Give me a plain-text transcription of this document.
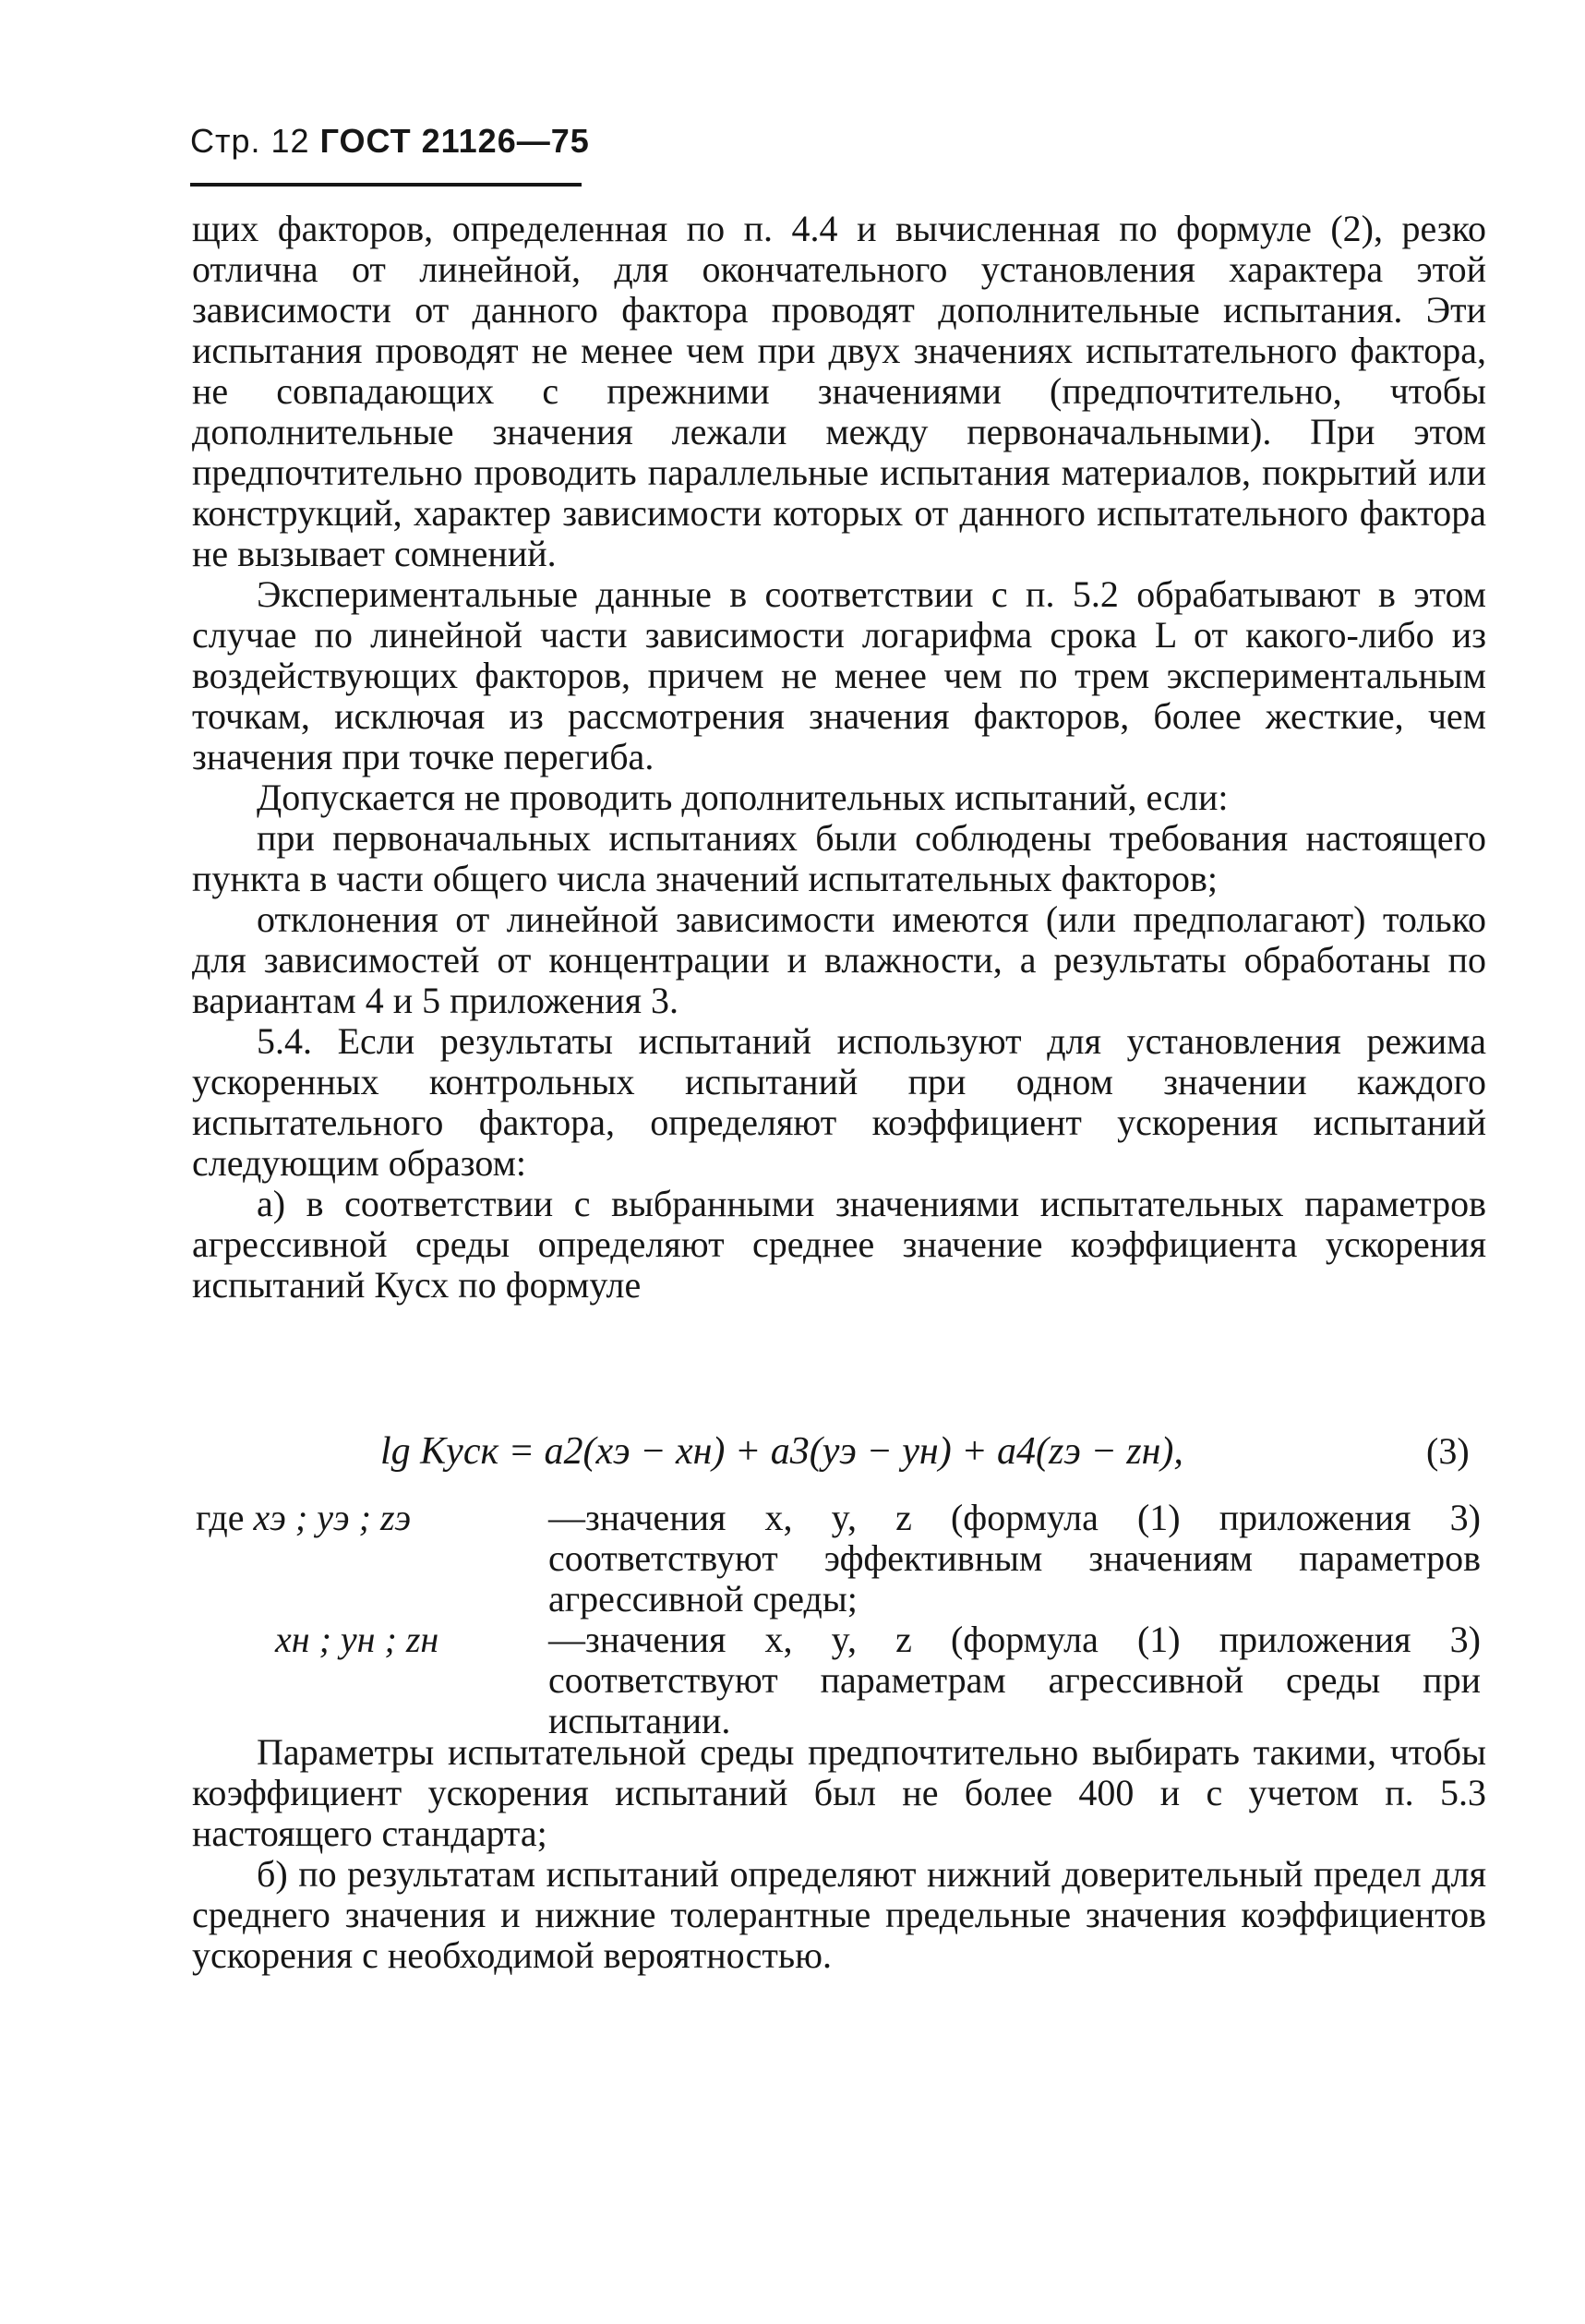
Стр. 12 ГОСТ 21126—75

щих факторов, определенная по п. 4.4 и вычисленная по формуле (2), резко отлична от линейной, для окончательного установления характера этой зависимости от данного фактора проводят дополнительные испытания. Эти испытания проводят не менее чем при двух значениях испытательного фактора, не совпадающих с прежними значениями (предпочтительно, чтобы дополнительные значения лежали между первоначальными). При этом предпочтительно проводить параллельные испытания материалов, покрытий или конструкций, характер зависимости которых от данного испытательного фактора не вызывает сомнений.

Экспериментальные данные в соответствии с п. 5.2 обрабатывают в этом случае по линейной части зависимости логарифма срока L от какого-либо из воздействующих факторов, причем не менее чем по трем экспериментальным точкам, исключая из рассмотрения значения факторов, более жесткие, чем значения при точке перегиба.

Допускается не проводить дополнительных испытаний, если:

при первоначальных испытаниях были соблюдены требования настоящего пункта в части общего числа значений испытательных факторов;

отклонения от линейной зависимости имеются (или предполагают) только для зависимостей от концентрации и влажности, а результаты обработаны по вариантам 4 и 5 приложения 3.

5.4. Если результаты испытаний используют для установления режима ускоренных контрольных испытаний при одном значении каждого испытательного фактора, определяют коэффициент ускорения испытаний следующим образом:

а) в соответствии с выбранными значениями испытательных параметров агрессивной среды определяют среднее значение коэффициента ускорения испытаний Кусх по формуле

lg Kуск = a2(xэ − xн) + a3(yэ − yн) + a4(zэ − zн),	(3)
где xэ ; yэ ; zэ	—значения x, y, z (формула (1) приложения 3) соответствуют эффективным значениям параметров агрессивной среды;

xн ; yн ; zн	—значения x, y, z (формула (1) приложения 3) соответствуют параметрам агрессивной среды при испытании.

Параметры испытательной среды предпочтительно выбирать такими, чтобы коэффициент ускорения испытаний был не более 400 и с учетом п. 5.3 настоящего стандарта;

б) по результатам испытаний определяют нижний доверительный предел для среднего значения и нижние толерантные предельные значения коэффициентов ускорения с необходимой вероятностью.
